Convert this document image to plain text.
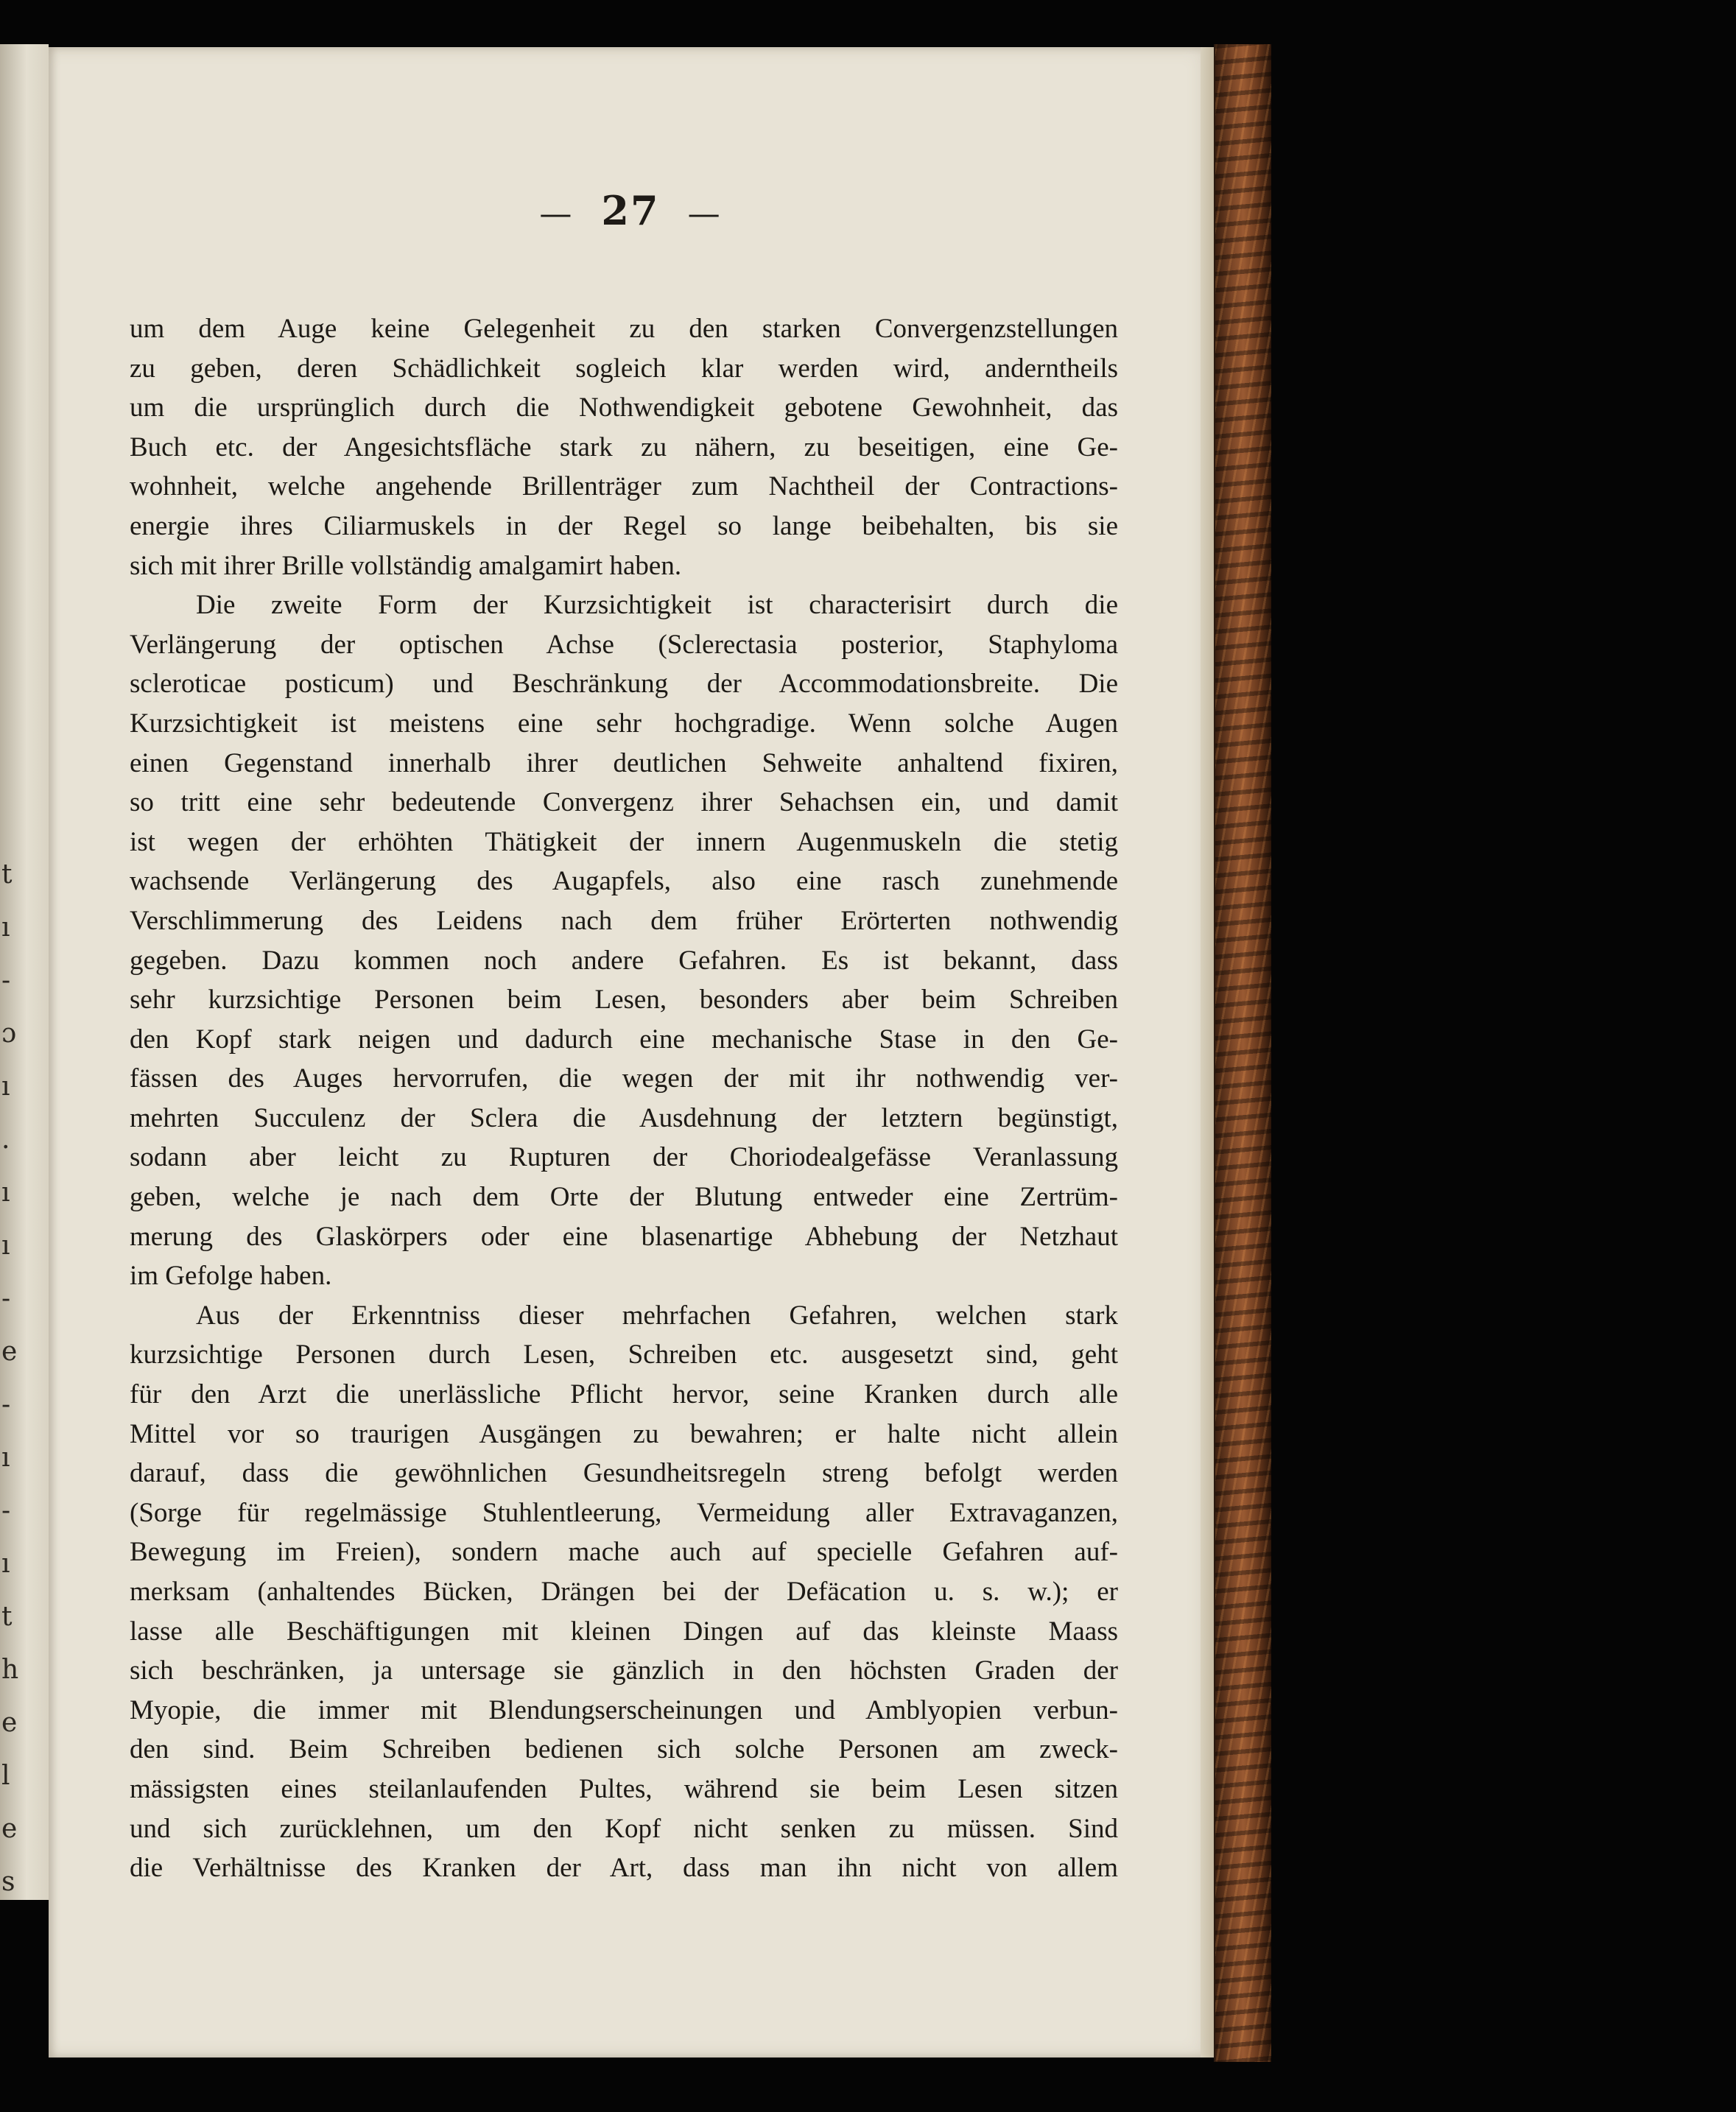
t
ı
-
ɔ
ı
.
ı
ı
-
e
-
ı
-
ı
t
h
e
l
e
s
— 27 —
um dem Auge keine Gelegenheit zu den starken Convergenzstellungen
zu geben, deren Schädlichkeit sogleich klar werden wird, anderntheils
um die ursprünglich durch die Nothwendigkeit gebotene Gewohnheit, das
Buch etc. der Angesichtsfläche stark zu nähern, zu beseitigen, eine Ge-
wohnheit, welche angehende Brillenträger zum Nachtheil der Contractions-
energie ihres Ciliarmuskels in der Regel so lange beibehalten, bis sie
sich mit ihrer Brille vollständig amalgamirt haben.
Die zweite Form der Kurzsichtigkeit ist characterisirt durch die
Verlängerung der optischen Achse (Sclerectasia posterior, Staphyloma
scleroticae posticum) und Beschränkung der Accommodationsbreite. Die
Kurzsichtigkeit ist meistens eine sehr hochgradige. Wenn solche Augen
einen Gegenstand innerhalb ihrer deutlichen Sehweite anhaltend fixiren,
so tritt eine sehr bedeutende Convergenz ihrer Sehachsen ein, und damit
ist wegen der erhöhten Thätigkeit der innern Augenmuskeln die stetig
wachsende Verlängerung des Augapfels, also eine rasch zunehmende
Verschlimmerung des Leidens nach dem früher Erörterten nothwendig
gegeben. Dazu kommen noch andere Gefahren. Es ist bekannt, dass
sehr kurzsichtige Personen beim Lesen, besonders aber beim Schreiben
den Kopf stark neigen und dadurch eine mechanische Stase in den Ge-
fässen des Auges hervorrufen, die wegen der mit ihr nothwendig ver-
mehrten Succulenz der Sclera die Ausdehnung der letztern begünstigt,
sodann aber leicht zu Rupturen der Choriodealgefässe Veranlassung
geben, welche je nach dem Orte der Blutung entweder eine Zertrüm-
merung des Glaskörpers oder eine blasenartige Abhebung der Netzhaut
im Gefolge haben.
Aus der Erkenntniss dieser mehrfachen Gefahren, welchen stark
kurzsichtige Personen durch Lesen, Schreiben etc. ausgesetzt sind, geht
für den Arzt die unerlässliche Pflicht hervor, seine Kranken durch alle
Mittel vor so traurigen Ausgängen zu bewahren; er halte nicht allein
darauf, dass die gewöhnlichen Gesundheitsregeln streng befolgt werden
(Sorge für regelmässige Stuhlentleerung, Vermeidung aller Extravaganzen,
Bewegung im Freien), sondern mache auch auf specielle Gefahren auf-
merksam (anhaltendes Bücken, Drängen bei der Defäcation u. s. w.); er
lasse alle Beschäftigungen mit kleinen Dingen auf das kleinste Maass
sich beschränken, ja untersage sie gänzlich in den höchsten Graden der
Myopie, die immer mit Blendungserscheinungen und Amblyopien verbun-
den sind. Beim Schreiben bedienen sich solche Personen am zweck-
mässigsten eines steilanlaufenden Pultes, während sie beim Lesen sitzen
und sich zurücklehnen, um den Kopf nicht senken zu müssen. Sind
die Verhältnisse des Kranken der Art, dass man ihn nicht von allem
